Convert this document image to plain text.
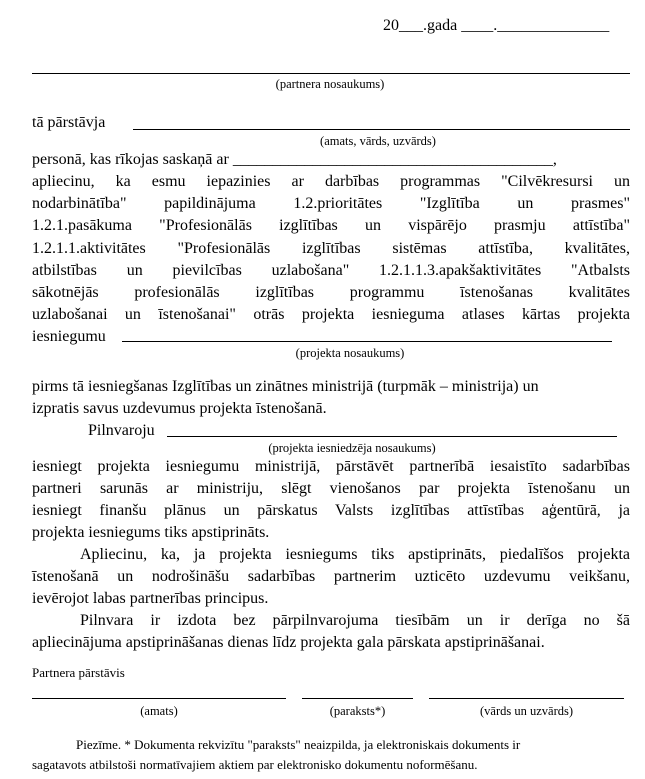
20___.gada ____.______________
(partnera nosaukums)
tā pārstāvja
(amats, vārds, uzvārds)
personā, kas rīkojas saskaņā ar ________________________________________,
apliecinu, ka esmu iepazinies ar darbības programmas "Cilvēkresursi un
nodarbinātība" papildinājuma 1.2.prioritātes "Izglītība un prasmes"
1.2.1.pasākuma "Profesionālās izglītības un vispārējo prasmju attīstība"
1.2.1.1.aktivitātes "Profesionālās izglītības sistēmas attīstība, kvalitātes,
atbilstības un pievilcības uzlabošana" 1.2.1.1.3.apakšaktivitātes "Atbalsts
sākotnējās profesionālās izglītības programmu īstenošanas kvalitātes
uzlabošanai un īstenošanai" otrās projekta iesnieguma atlases kārtas projekta
iesniegumu
(projekta nosaukums)
pirms tā iesniegšanas Izglītības un zinātnes ministrijā (turpmāk – ministrija) un
izpratis savus uzdevumus projekta īstenošanā.
Pilnvaroju
(projekta iesniedzēja nosaukums)
iesniegt projekta iesniegumu ministrijā, pārstāvēt partnerībā iesaistīto sadarbības
partneri sarunās ar ministriju, slēgt vienošanos par projekta īstenošanu un
iesniegt finanšu plānus un pārskatus Valsts izglītības attīstības aģentūrā, ja
projekta iesniegums tiks apstiprināts.
Apliecinu, ka, ja projekta iesniegums tiks apstiprināts, piedalīšos projekta
īstenošanā un nodrošināšu sadarbības partnerim uzticēto uzdevumu veikšanu,
ievērojot labas partnerības principus.
Pilnvara ir izdota bez pārpilnvarojuma tiesībām un ir derīga no šā
apliecinājuma apstiprināšanas dienas līdz projekta gala pārskata apstiprināšanai.
Partnera pārstāvis
(amats)	(paraksts*)	(vārds un uzvārds)
Piezīme. * Dokumenta rekvizītu "paraksts" neaizpilda, ja elektroniskais dokuments ir
sagatavots atbilstoši normatīvajiem aktiem par elektronisko dokumentu noformēšanu.
